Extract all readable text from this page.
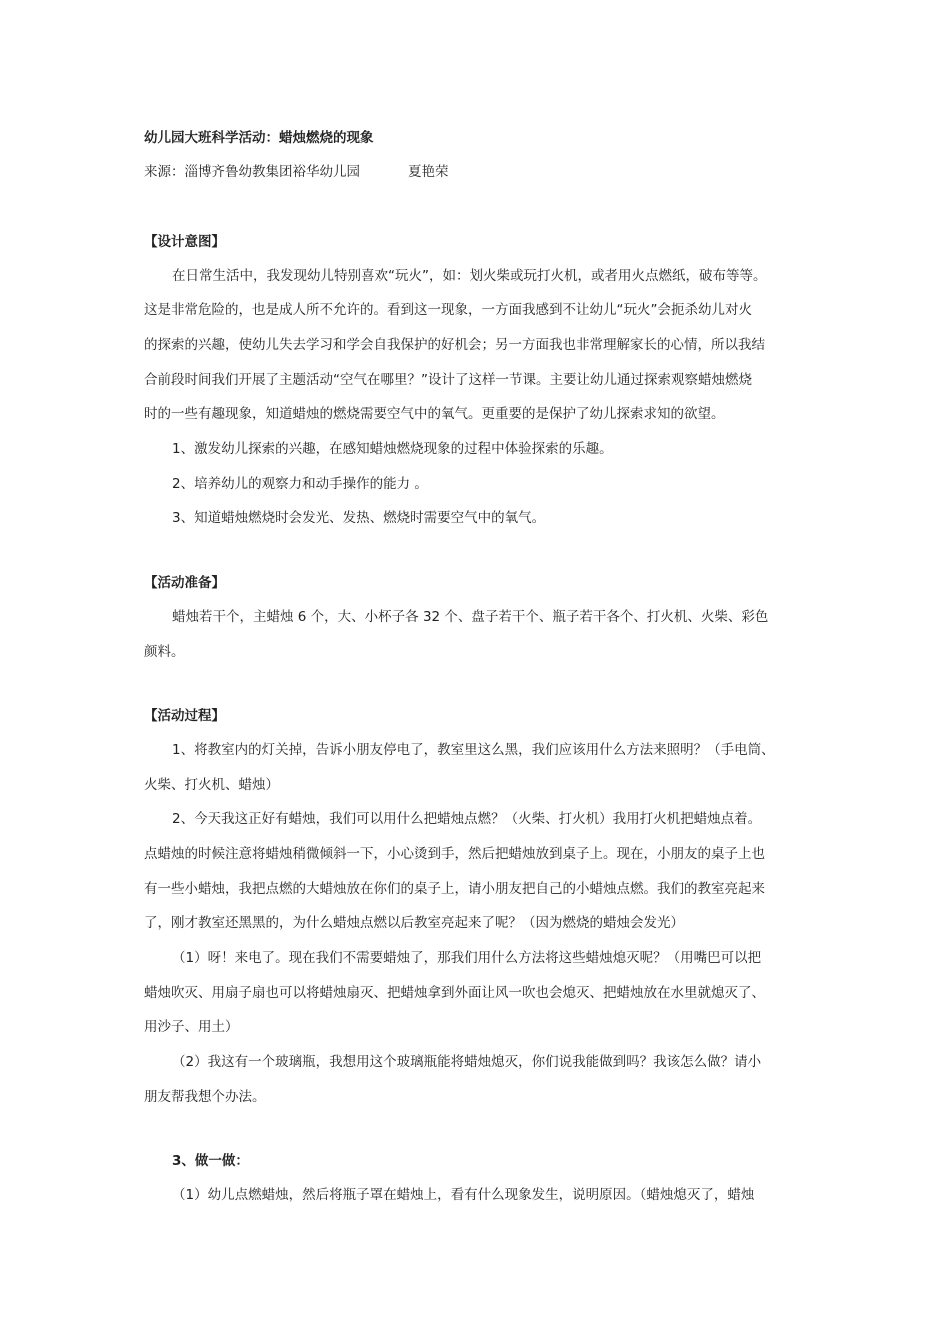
幼儿园大班科学活动：蜡烛燃烧的现象
来源：淄博齐鲁幼教集团裕华幼儿园	夏艳荣
【设计意图】
在日常生活中，我发现幼儿特别喜欢“玩火”，如：划火柴或玩打火机，或者用火点燃纸，破布等等。
这是非常危险的，也是成人所不允许的。看到这一现象，一方面我感到不让幼儿“玩火”会扼杀幼儿对火
的探索的兴趣，使幼儿失去学习和学会自我保护的好机会；另一方面我也非常理解家长的心情，所以我结
合前段时间我们开展了主题活动“空气在哪里？”设计了这样一节课。主要让幼儿通过探索观察蜡烛燃烧
时的一些有趣现象，知道蜡烛的燃烧需要空气中的氧气。更重要的是保护了幼儿探索求知的欲望。
1、激发幼儿探索的兴趣，在感知蜡烛燃烧现象的过程中体验探索的乐趣。
2、培养幼儿的观察力和动手操作的能力 。
3、知道蜡烛燃烧时会发光、发热、燃烧时需要空气中的氧气。
【活动准备】
蜡烛若干个，主蜡烛 6 个，大、小杯子各 32 个、盘子若干个、瓶子若干各个、打火机、火柴、彩色
颜料。
【活动过程】
1、将教室内的灯关掉，告诉小朋友停电了，教室里这么黑，我们应该用什么方法来照明？（手电筒、
火柴、打火机、蜡烛）
2、今天我这正好有蜡烛，我们可以用什么把蜡烛点燃？（火柴、打火机）我用打火机把蜡烛点着。
点蜡烛的时候注意将蜡烛稍微倾斜一下，小心烫到手，然后把蜡烛放到桌子上。现在，小朋友的桌子上也
有一些小蜡烛，我把点燃的大蜡烛放在你们的桌子上，请小朋友把自己的小蜡烛点燃。我们的教室亮起来
了，刚才教室还黑黑的，为什么蜡烛点燃以后教室亮起来了呢？（因为燃烧的蜡烛会发光）
（1）呀！来电了。现在我们不需要蜡烛了，那我们用什么方法将这些蜡烛熄灭呢？（用嘴巴可以把
蜡烛吹灭、用扇子扇也可以将蜡烛扇灭、把蜡烛拿到外面让风一吹也会熄灭、把蜡烛放在水里就熄灭了、
用沙子、用土）
（2）我这有一个玻璃瓶，我想用这个玻璃瓶能将蜡烛熄灭，你们说我能做到吗？我该怎么做？请小
朋友帮我想个办法。
3、做一做：
（1）幼儿点燃蜡烛，然后将瓶子罩在蜡烛上，看有什么现象发生，说明原因。（蜡烛熄灭了，蜡烛
